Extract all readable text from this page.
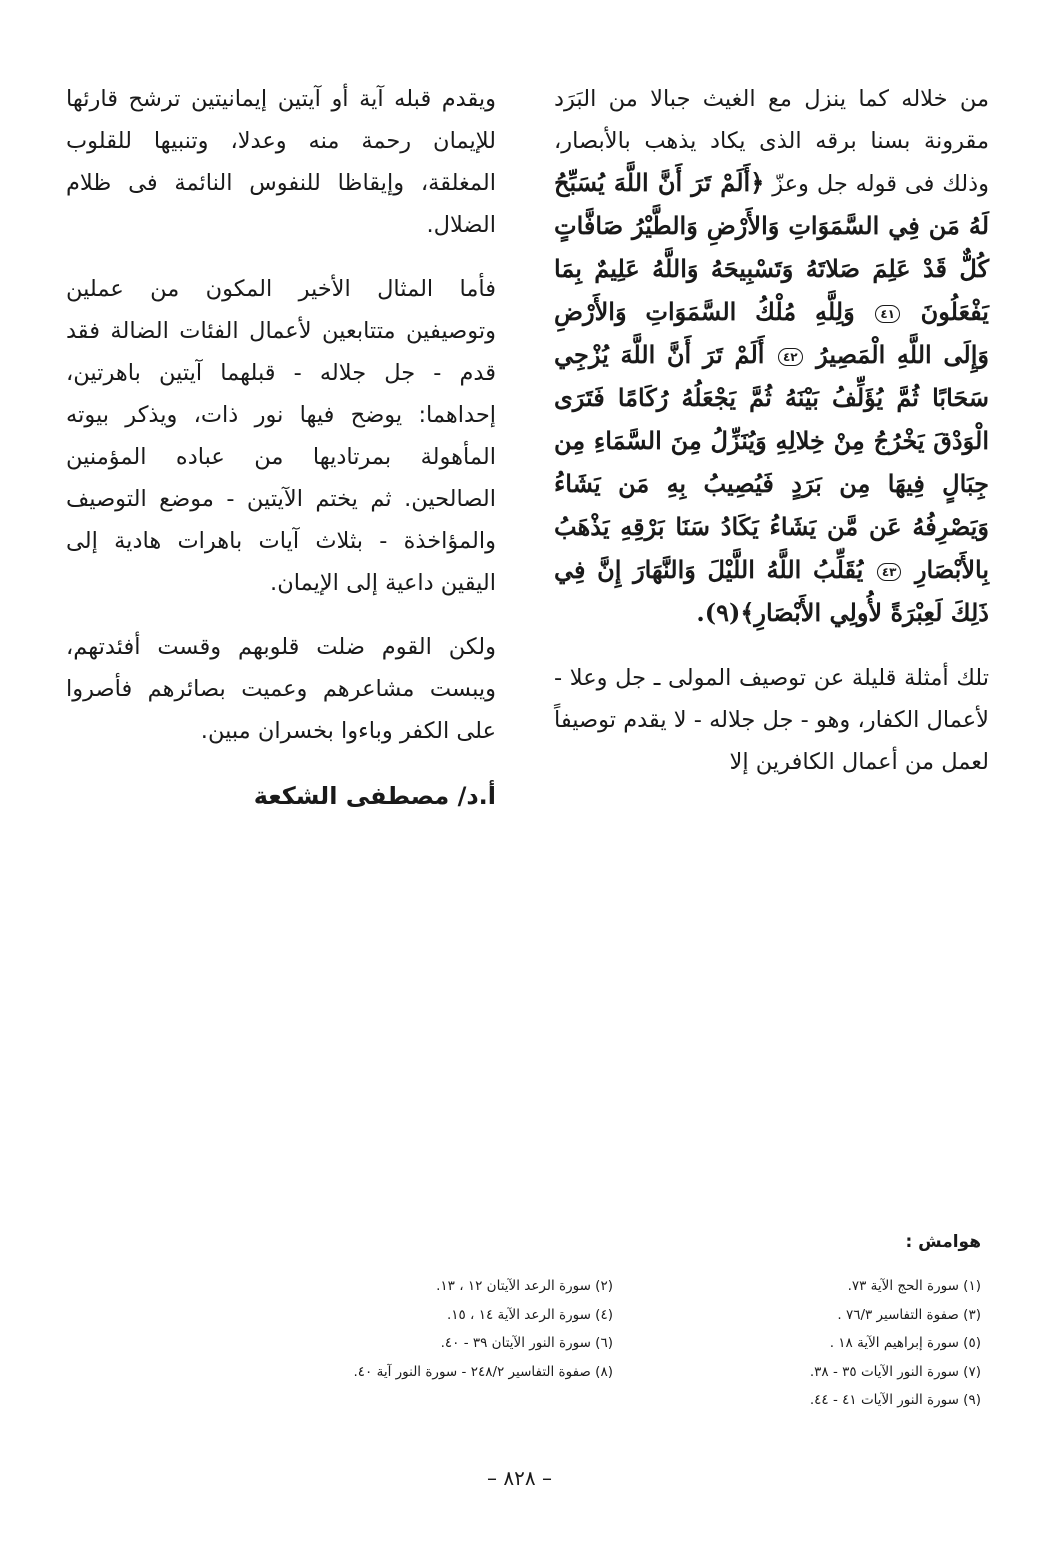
من خلاله كما ينزل مع الغيث جبالا من البَرَد مقرونة بسنا برقه الذى يكاد يذهب بالأبصار، وذلك فى قوله جل وعزّ ﴿أَلَمْ تَرَ أَنَّ اللَّهَ يُسَبِّحُ لَهُ مَن فِي السَّمَوَاتِ وَالأَرْضِ وَالطَّيْرُ صَافَّاتٍ كُلٌّ قَدْ عَلِمَ صَلاتَهُ وَتَسْبِيحَهُ وَاللَّهُ عَلِيمٌ بِمَا يَفْعَلُونَ ٤١ وَلِلَّهِ مُلْكُ السَّمَوَاتِ وَالأَرْضِ وَإِلَى اللَّهِ الْمَصِيرُ ٤٢ أَلَمْ تَرَ أَنَّ اللَّهَ يُزْجِي سَحَابًا ثُمَّ يُؤَلِّفُ بَيْنَهُ ثُمَّ يَجْعَلُهُ رُكَامًا فَتَرَى الْوَدْقَ يَخْرُجُ مِنْ خِلالِهِ وَيُنَزِّلُ مِنَ السَّمَاءِ مِن جِبَالٍ فِيهَا مِن بَرَدٍ فَيُصِيبُ بِهِ مَن يَشَاءُ وَيَصْرِفُهُ عَن مَّن يَشَاءُ يَكَادُ سَنَا بَرْقِهِ يَذْهَبُ بِالأَبْصَارِ ٤٣ يُقَلِّبُ اللَّهُ اللَّيْلَ وَالنَّهَارَ إِنَّ فِي ذَلِكَ لَعِبْرَةً لأُولِي الأَبْصَارِ﴾(٩).

تلك أمثلة قليلة عن توصيف المولى ـ جل وعلا - لأعمال الكفار، وهو - جل جلاله - لا يقدم توصيفاً لعمل من أعمال الكافرين إلا

ويقدم قبله آية أو آيتين إيمانيتين ترشح قارئها للإيمان رحمة منه وعدلا، وتنبيها للقلوب المغلقة، وإيقاظا للنفوس النائمة فى ظلام الضلال.

فأما المثال الأخير المكون من عملين وتوصيفين متتابعين لأعمال الفئات الضالة فقد قدم - جل جلاله - قبلهما آيتين باهرتين، إحداهما: يوضح فيها نور ذات، ويذكر بيوته المأهولة بمرتاديها من عباده المؤمنين الصالحين. ثم يختم الآيتين - موضع التوصيف والمؤاخذة - بثلاث آيات باهرات هادية إلى اليقين داعية إلى الإيمان.

ولكن القوم ضلت قلوبهم وقست أفئدتهم، ويبست مشاعرهم وعميت بصائرهم فأصروا على الكفر وباءوا بخسران مبين.

أ.د/ مصطفى الشكعة
هوامش :
(١) سورة الحج الآية ٧٣.
(٣) صفوة التفاسير ٧٦/٣ .
(٥) سورة إبراهيم الآية ١٨ .
(٧) سورة النور الآيات ٣٥ - ٣٨.
(٩) سورة النور الآيات ٤١ - ٤٤.
(٢) سورة الرعد الآيتان ١٢ ، ١٣.
(٤) سورة الرعد الآية ١٤ ، ١٥.
(٦) سورة النور الآيتان ٣٩ - ٤٠.
(٨) صفوة التفاسير ٢٤٨/٢ - سورة النور آية ٤٠.
– ٨٢٨ –
